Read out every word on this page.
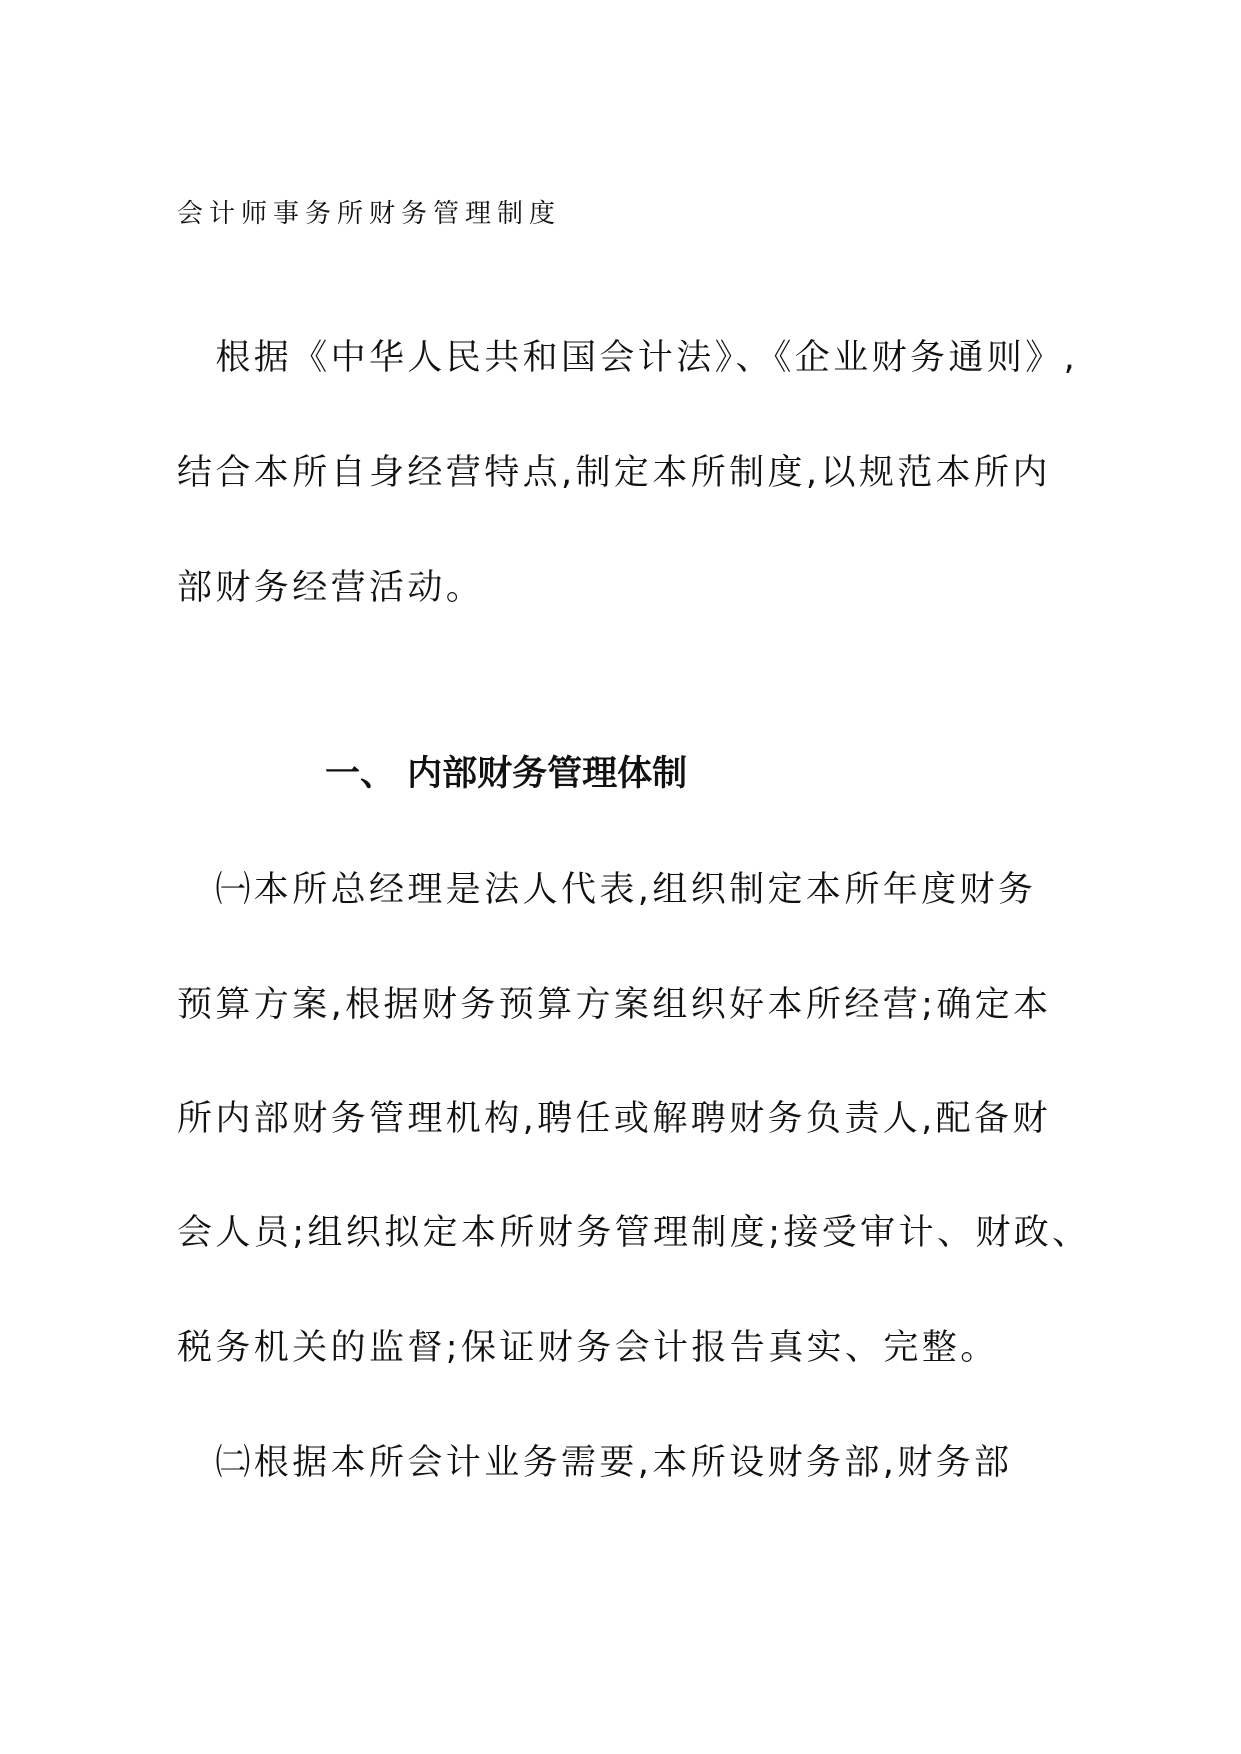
会计师事务所财务管理制度
　根据《中华人民共和国会计法》、《企业财务通则》,
结合本所自身经营特点,制定本所制度,以规范本所内
部财务经营活动。
一、 内部财务管理体制
　㈠本所总经理是法人代表,组织制定本所年度财务
预算方案,根据财务预算方案组织好本所经营;确定本
所内部财务管理机构,聘任或解聘财务负责人,配备财
会人员;组织拟定本所财务管理制度;接受审计、财政、
税务机关的监督;保证财务会计报告真实、完整。
　㈡根据本所会计业务需要,本所设财务部,财务部
